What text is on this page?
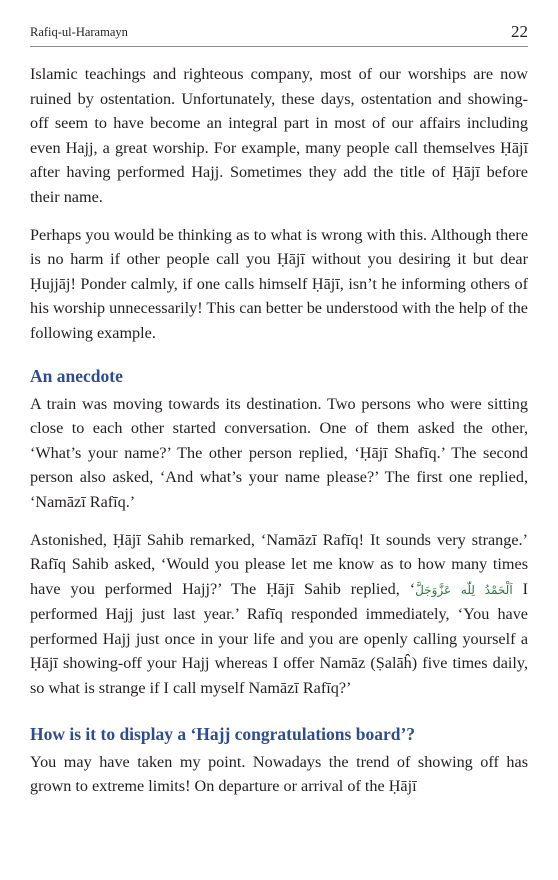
Rafiq-ul-Haramayn	22

Islamic teachings and righteous company, most of our worships are now ruined by ostentation. Unfortunately, these days, ostentation and showing-off seem to have become an integral part in most of our affairs including even Hajj, a great worship. For example, many people call themselves Ḥājī after having performed Hajj. Sometimes they add the title of Ḥājī before their name.

Perhaps you would be thinking as to what is wrong with this. Although there is no harm if other people call you Ḥājī without you desiring it but dear Ḥujjāj! Ponder calmly, if one calls himself Ḥājī, isn’t he informing others of his worship unnecessarily! This can better be understood with the help of the following example.

An anecdote

A train was moving towards its destination. Two persons who were sitting close to each other started conversation. One of them asked the other, ‘What’s your name?’ The other person replied, ‘Ḥājī Shafīq.’ The second person also asked, ‘And what’s your name please?’ The first one replied, ‘Namāzī Rafīq.’

Astonished, Ḥājī Sahib remarked, ‘Namāzī Rafīq! It sounds very strange.’ Rafīq Sahib asked, ‘Would you please let me know as to how many times have you performed Hajj?’ The Ḥājī Sahib replied, ‘اَلْحَمْدُ لِلّٰه عَزَّوَجَلَّ I performed Hajj just last year.’ Rafīq responded immediately, ‘You have performed Hajj just once in your life and you are openly calling yourself a Ḥājī showing-off your Hajj whereas I offer Namāz (Ṣalāĥ) five times daily, so what is strange if I call myself Namāzī Rafīq?’

How is it to display a ‘Hajj congratulations board’?

You may have taken my point. Nowadays the trend of showing off has grown to extreme limits! On departure or arrival of the Ḥājī
